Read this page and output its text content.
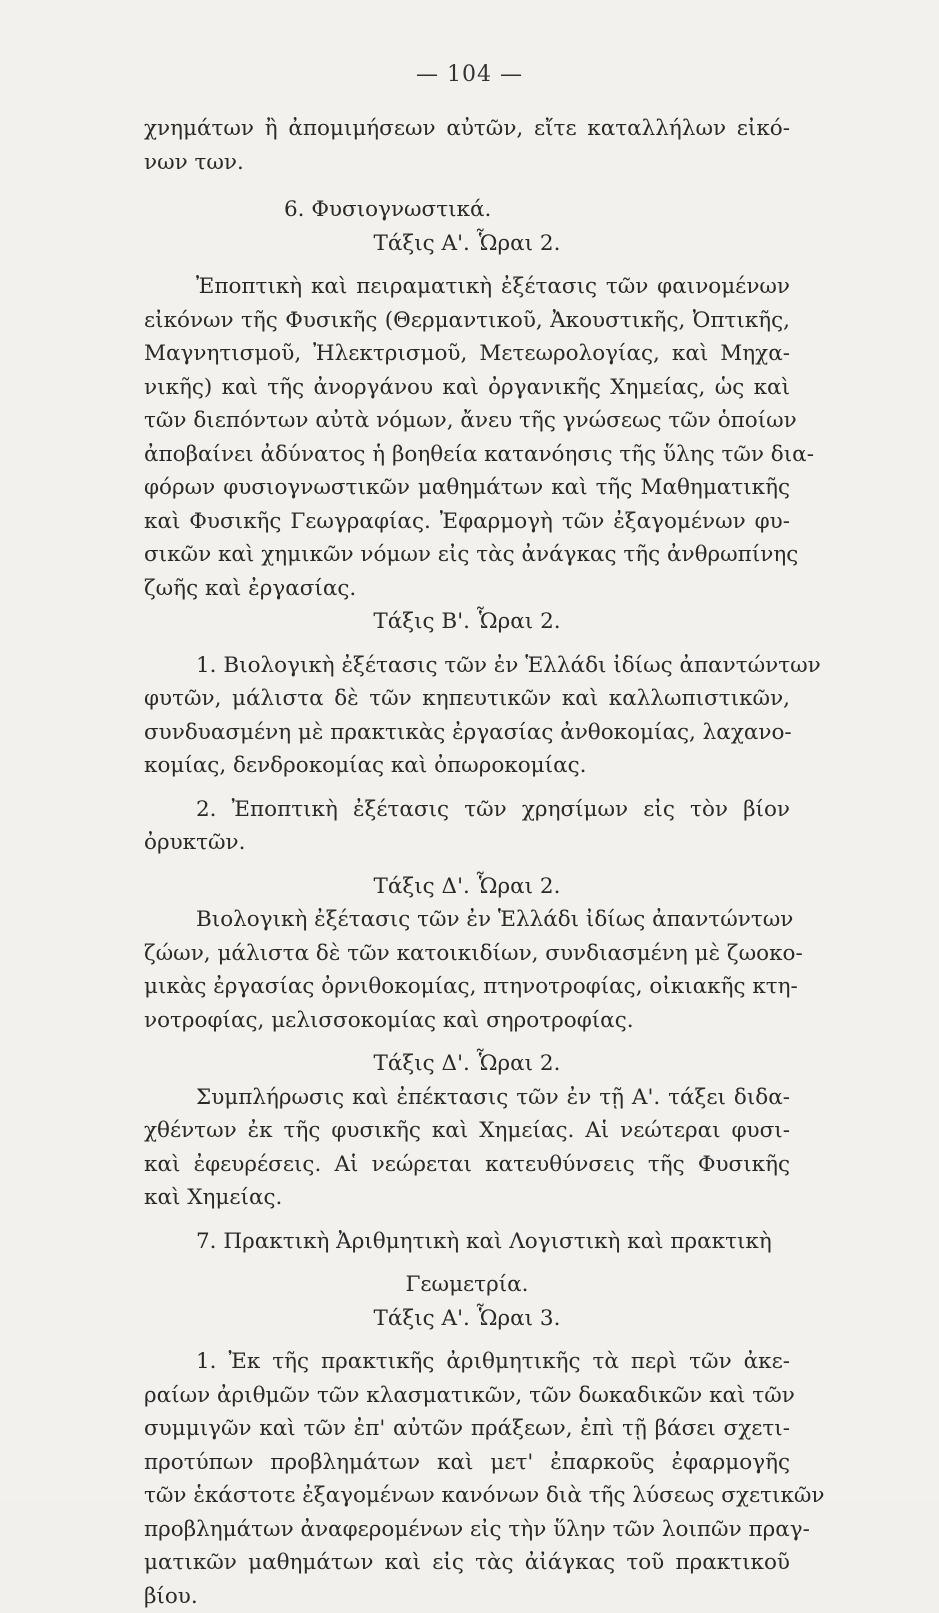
— 104 —
χνημάτων ἢ ἀπομιμήσεων αὐτῶν, εἴτε καταλλήλων εἰκό-
νων των.
6. Φυσιογνωστικά.
Τάξις Α'. Ὧραι 2.
Ἐποπτικὴ καὶ πειραματικὴ ἐξέτασις τῶν φαινομένων
εἰκόνων τῆς Φυσικῆς (Θερμαντικοῦ, Ἀκουστικῆς, Ὀπτικῆς,
Μαγνητισμοῦ, Ἠλεκτρισμοῦ, Μετεωρολογίας, καὶ Μηχα-
νικῆς) καὶ τῆς ἀνοργάνου καὶ ὀργανικῆς Χημείας, ὡς καὶ
τῶν διεπόντων αὐτὰ νόμων, ἄνευ τῆς γνώσεως τῶν ὁποίων
ἀποβαίνει ἀδύνατος ἡ βοηθεία κατανόησις τῆς ὕλης τῶν δια-
φόρων φυσιογνωστικῶν μαθημάτων καὶ τῆς Μαθηματικῆς
καὶ Φυσικῆς Γεωγραφίας. Ἐφαρμογὴ τῶν ἐξαγομένων φυ-
σικῶν καὶ χημικῶν νόμων εἰς τὰς ἀνάγκας τῆς ἀνθρωπίνης
ζωῆς καὶ ἐργασίας.
Τάξις Β'. Ὧραι 2.
1. Βιολογικὴ ἐξέτασις τῶν ἐν Ἑλλάδι ἰδίως ἀπαντώντων
φυτῶν, μάλιστα δὲ τῶν κηπευτικῶν καὶ καλλωπιστικῶν,
συνδυασμένη μὲ πρακτικὰς ἐργασίας ἀνθοκομίας, λαχανο-
κομίας, δενδροκομίας καὶ ὀπωροκομίας.
2. Ἐποπτικὴ ἐξέτασις τῶν χρησίμων εἰς τὸν βίον
ὀρυκτῶν.
Τάξις Δ'. Ὧραι 2.
Βιολογικὴ ἐξέτασις τῶν ἐν Ἑλλάδι ἰδίως ἀπαντώντων
ζώων, μάλιστα δὲ τῶν κατοικιδίων, συνδιασμένη μὲ ζωοκο-
μικὰς ἐργασίας ὀρνιθοκομίας, πτηνοτροφίας, οἰκιακῆς κτη-
νοτροφίας, μελισσοκομίας καὶ σηροτροφίας.
Τάξις Δ'. Ὧραι 2.
Συμπλήρωσις καὶ ἐπέκτασις τῶν ἐν τῇ Α'. τάξει διδα-
χθέντων ἐκ τῆς φυσικῆς καὶ Χημείας. Αἱ νεώτεραι φυσι-
καὶ ἐφευρέσεις. Αἱ νεώρεται κατευθύνσεις τῆς Φυσικῆς
καὶ Χημείας.
7. Πρακτικὴ Ἀριθμητικὴ καὶ Λογιστικὴ καὶ πρακτικὴ
Γεωμετρία.
Τάξις Α'. Ὧραι 3.
1. Ἐκ τῆς πρακτικῆς ἀριθμητικῆς τὰ περὶ τῶν ἀκε-
ραίων ἀριθμῶν τῶν κλασματικῶν, τῶν δωκαδικῶν καὶ τῶν
συμμιγῶν καὶ τῶν ἐπ' αὐτῶν πράξεων, ἐπὶ τῇ βάσει σχετι-
προτύπων προβλημάτων καὶ μετ' ἐπαρκοῦς ἐφαρμογῆς
τῶν ἑκάστοτε ἐξαγομένων κανόνων διὰ τῆς λύσεως σχετικῶν
προβλημάτων ἀναφερομένων εἰς τὴν ὕλην τῶν λοιπῶν πραγ-
ματικῶν μαθημάτων καὶ εἰς τὰς ἀἰάγκας τοῦ πρακτικοῦ
βίου.
